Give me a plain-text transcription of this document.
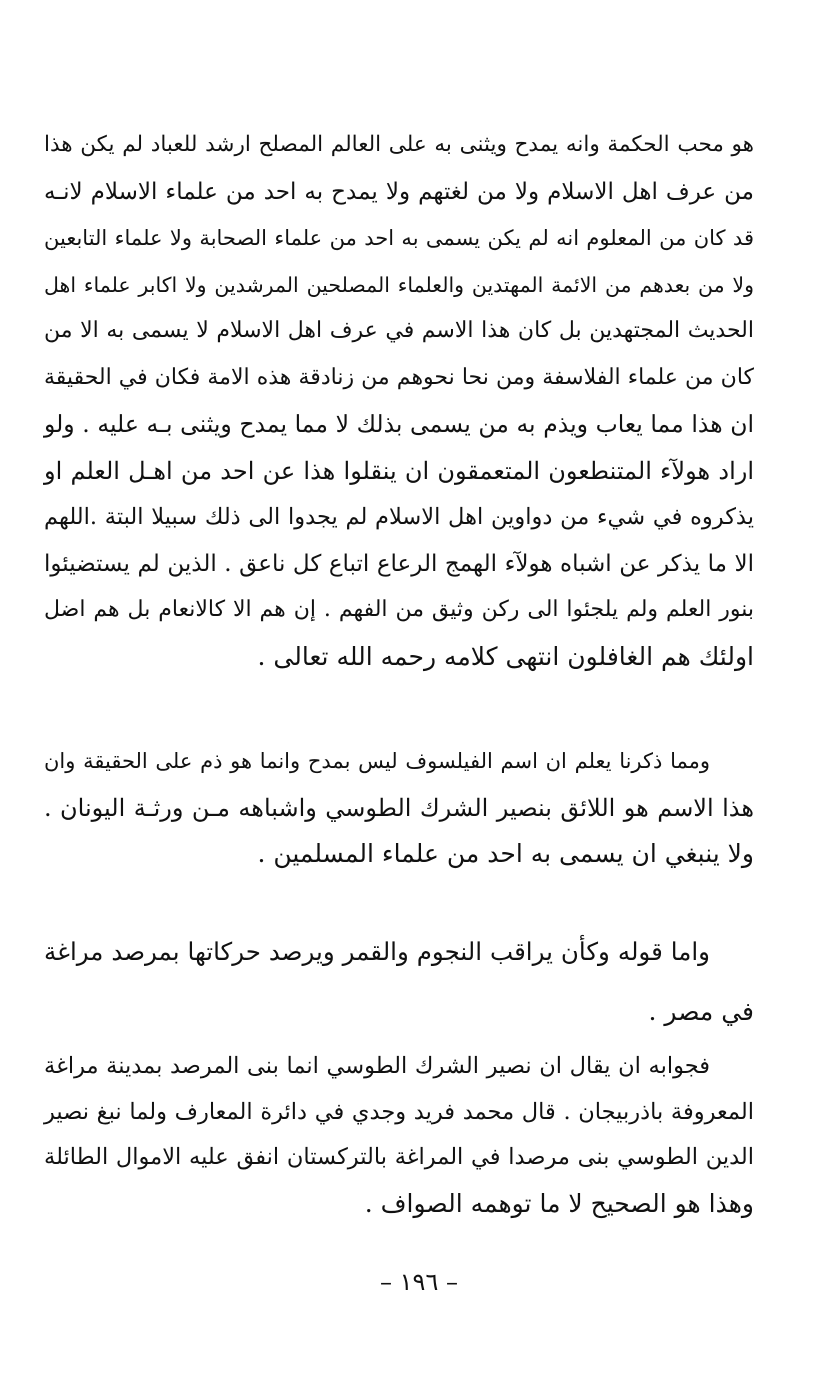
هو محب الحكمة وانه يمدح ويثنى به على العالم المصلح ارشد للعباد لم يكن هذا
من عرف اهل الاسلام ولا من لغتهم ولا يمدح به احد من علماء الاسلام لانـه
قد كان من المعلوم انه لم يكن يسمى به احد من علماء الصحابة ولا علماء التابعين
ولا من بعدهم من الائمة المهتدين والعلماء المصلحين المرشدين ولا اكابر علماء اهل
الحديث المجتهدين بل كان هذا الاسم في عرف اهل الاسلام لا يسمى به الا من
كان من علماء الفلاسفة ومن نحا نحوهم من زنادقة هذه الامة فكان في الحقيقة
ان هذا مما يعاب ويذم به من يسمى بذلك لا مما يمدح ويثنى بـه عليه . ولو
اراد هولآء المتنطعون المتعمقون ان ينقلوا هذا عن احد من اهـل العلم او
يذكروه في شيء من دواوين اهل الاسلام لم يجدوا الى ذلك سبيلا البتة .اللهم
الا ما يذكر عن اشباه هولآء الهمج الرعاع اتباع كل ناعق . الذين لم يستضيئوا
بنور العلم ولم يلجئوا الى ركن وثيق من الفهم . إن هم الا كالانعام بل هم اضل
اولئك هم الغافلون انتهى كلامه رحمه الله تعالى .
ومما ذكرنا يعلم ان اسم الفيلسوف ليس بمدح وانما هو ذم على الحقيقة وان
هذا الاسم هو اللائق بنصير الشرك الطوسي واشباهه مـن ورثـة اليونان .
ولا ينبغي ان يسمى به احد من علماء المسلمين .
واما قوله وكأن يراقب النجوم والقمر ويرصد حركاتها بمرصد مراغة
في مصر .
فجوابه ان يقال ان نصير الشرك الطوسي انما بنى المرصد بمدينة مراغة
المعروفة باذربيجان . قال محمد فريد وجدي في دائرة المعارف ولما نبغ نصير
الدين الطوسي بنى مرصدا في المراغة بالتركستان انفق عليه الاموال الطائلة
وهذا هو الصحيح لا ما توهمه الصواف .
– ١٩٦ –
